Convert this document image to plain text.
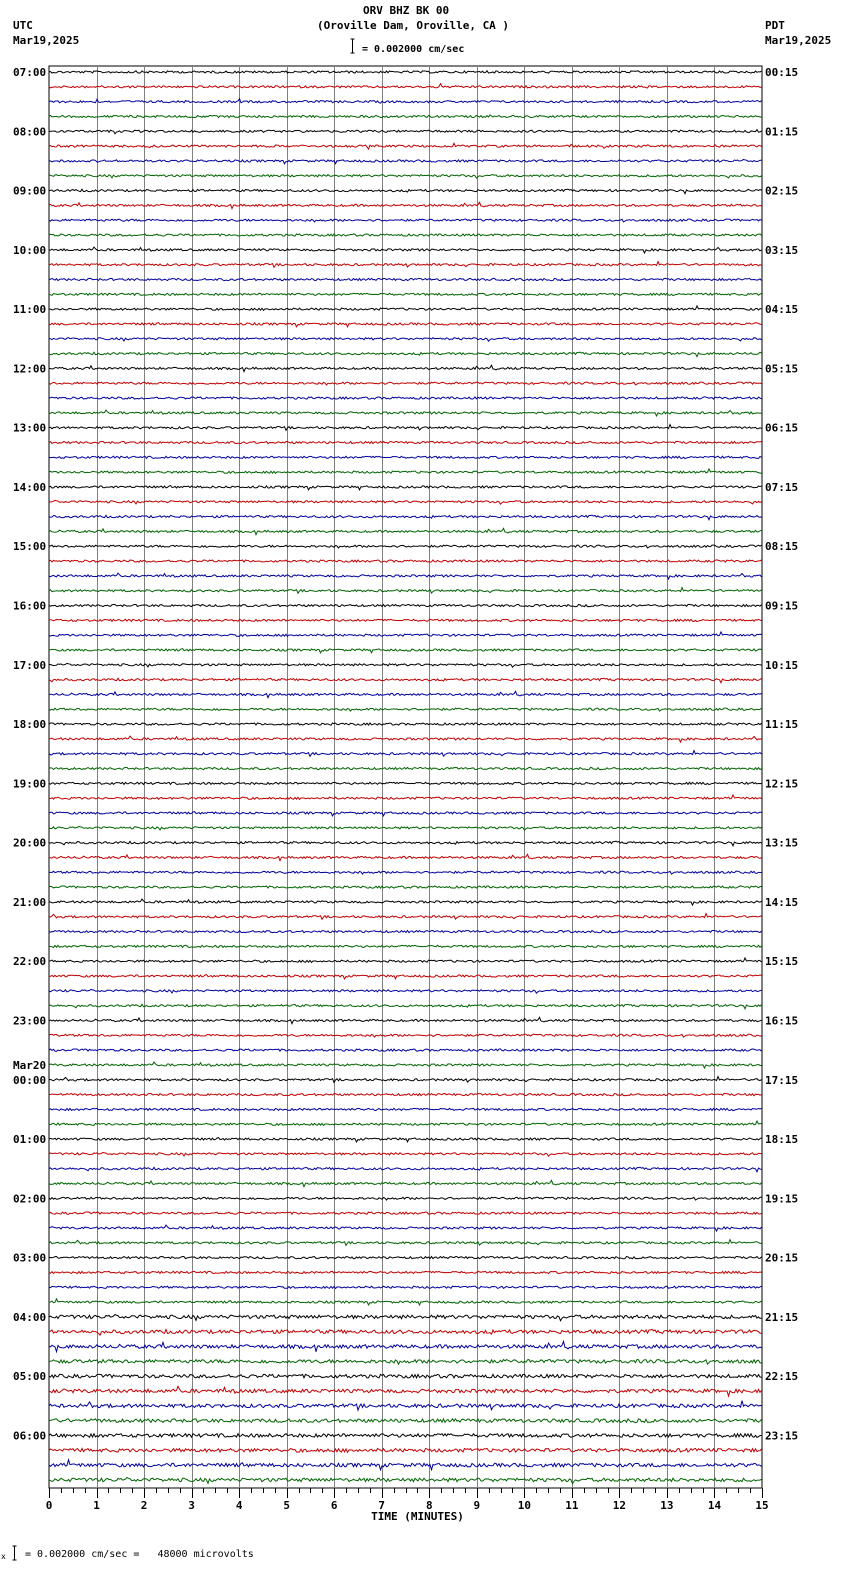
ORV BHZ BK 00
(Oroville Dam, Oroville, CA )
= 0.002000 cm/sec
UTC
Mar19,2025
PDT
Mar19,2025
x = 0.002000 cm/sec =   48000 microvolts
07:00
08:00
09:00
10:00
11:00
12:00
13:00
14:00
15:00
16:00
17:00
18:00
19:00
20:00
21:00
22:00
23:00
00:00
01:00
02:00
03:00
04:00
05:00
06:00
00:15
01:15
02:15
03:15
04:15
05:15
06:15
07:15
08:15
09:15
10:15
11:15
12:15
13:15
14:15
15:15
16:15
17:15
18:15
19:15
20:15
21:15
22:15
23:15
Mar20
0	1	2	3	4	5	6	7	8	9	10	11	12	13	14	15
TIME (MINUTES)
